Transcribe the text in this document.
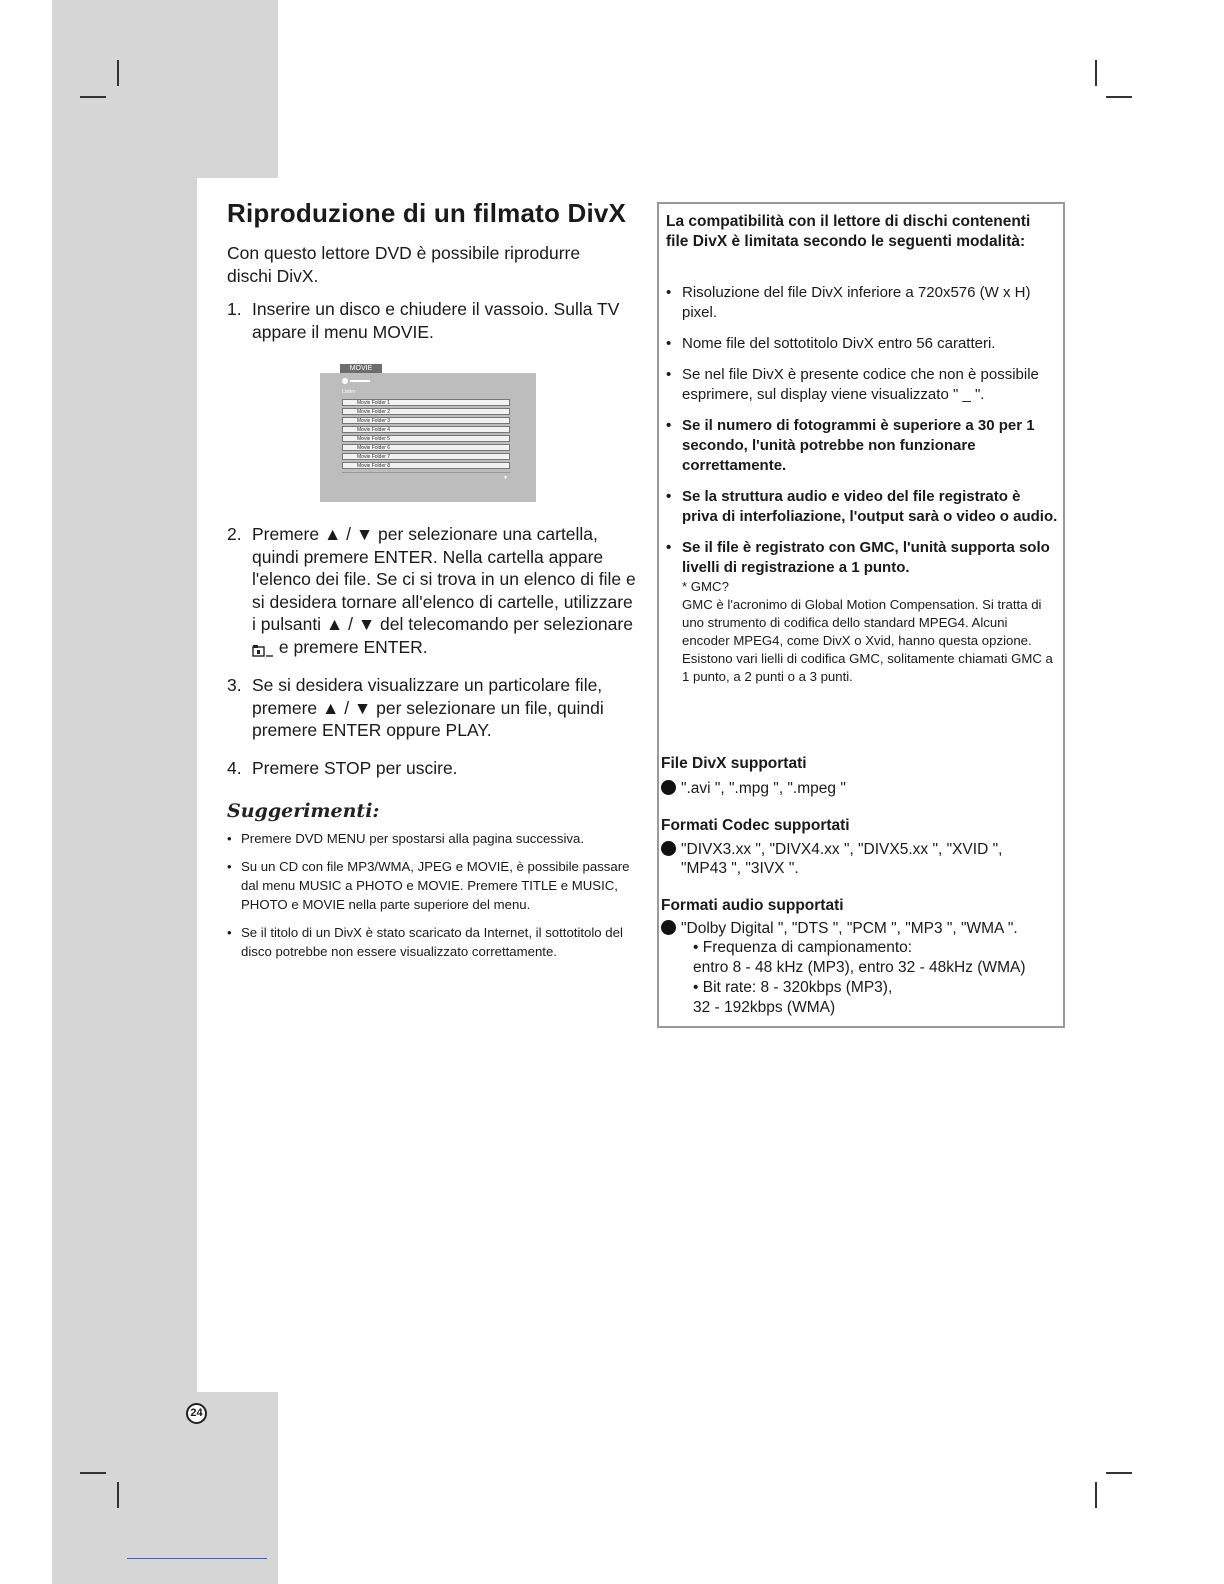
Riproduzione di un filmato DivX

Con questo lettore DVD è possibile riprodurre dischi DivX.

1. Inserire un disco e chiudere il vassoio. Sulla TV appare il menu MOVIE.
MOVIE
Listen
Movie Folder 1
Movie Folder 2
Movie Folder 3
Movie Folder 4
Movie Folder 5
Movie Folder 6
Movie Folder 7
Movie Folder 8
▼
2. Premere ▲ / ▼ per selezionare una cartella, quindi premere ENTER. Nella cartella appare l'elenco dei file. Se ci si trova in un elenco di file e si desidera tornare all'elenco di cartelle, utilizzare i pulsanti ▲ / ▼ del telecomando per selezionare  e premere ENTER.
3. Se si desidera visualizzare un particolare file, premere ▲ / ▼ per selezionare un file, quindi premere ENTER oppure PLAY.
4. Premere STOP per uscire.
Suggerimenti:
• Premere DVD MENU per spostarsi alla pagina successiva.
• Su un CD con file MP3/WMA, JPEG e MOVIE, è possibile passare dal menu MUSIC a PHOTO e MOVIE. Premere TITLE e MUSIC, PHOTO e MOVIE nella parte superiore del menu.
• Se il titolo di un DivX è stato scaricato da Internet, il sottotitolo del disco potrebbe non essere visualizzato correttamente.

La compatibilità con il lettore di dischi contenenti file DivX è limitata secondo le seguenti modalità:

• Risoluzione del file DivX inferiore a 720x576 (W x H) pixel.
• Nome file del sottotitolo DivX entro 56 caratteri.
• Se nel file DivX è presente codice che non è possibile esprimere, sul display viene visualizzato " _ ".
• Se il numero di fotogrammi è superiore a 30 per 1 secondo, l'unità potrebbe non funzionare correttamente.
• Se la struttura audio e video del file registrato è priva di interfoliazione, l'output sarà o video o audio.
• Se il file è registrato con GMC, l'unità supporta solo livelli di registrazione a 1 punto.
* GMC?
GMC è l'acronimo di Global Motion Compensation. Si tratta di uno strumento di codifica dello standard MPEG4. Alcuni encoder MPEG4, come DivX o Xvid, hanno questa opzione.
Esistono vari lielli di codifica GMC, solitamente chiamati GMC a 1 punto, a 2 punti o a 3 punti.
File DivX supportati
".avi ", ".mpg ", ".mpeg "
Formati Codec supportati
"DIVX3.xx ", "DIVX4.xx ", "DIVX5.xx ", "XVID ",
"MP43 ", "3IVX ".
Formati audio supportati
"Dolby Digital ", "DTS ", "PCM ", "MP3 ", "WMA ".
• Frequenza di campionamento:
entro 8 - 48 kHz (MP3), entro 32 - 48kHz (WMA)
• Bit rate: 8 - 320kbps (MP3),
32 - 192kbps (WMA)
24
